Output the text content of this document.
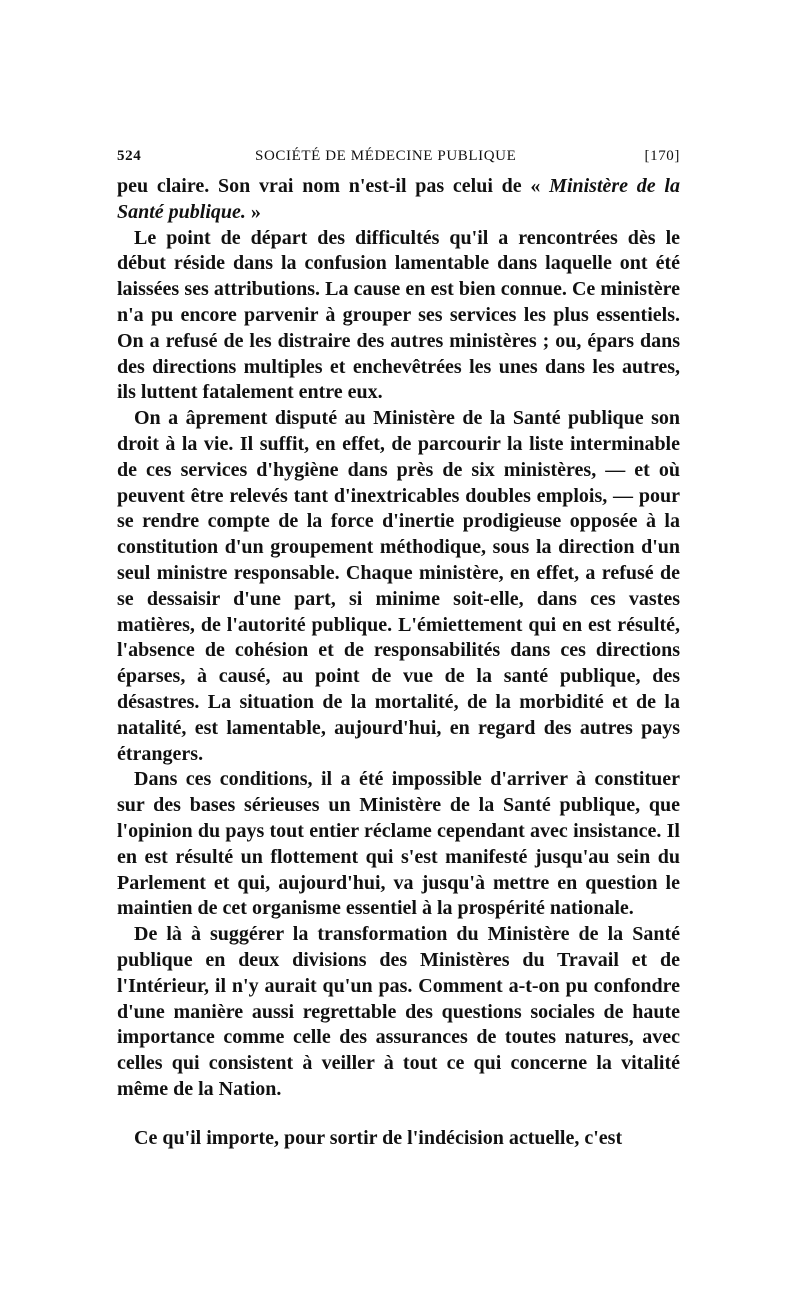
524	SOCIÉTÉ DE MÉDECINE PUBLIQUE	[170]

peu claire. Son vrai nom n'est-il pas celui de « Ministère de la Santé publique. »

Le point de départ des difficultés qu'il a rencontrées dès le début réside dans la confusion lamentable dans laquelle ont été laissées ses attributions. La cause en est bien connue. Ce ministère n'a pu encore parvenir à grouper ses services les plus essentiels. On a refusé de les distraire des autres ministères ; ou, épars dans des directions multiples et enchevêtrées les unes dans les autres, ils luttent fatalement entre eux.

On a âprement disputé au Ministère de la Santé publique son droit à la vie. Il suffit, en effet, de parcourir la liste interminable de ces services d'hygiène dans près de six ministères, — et où peuvent être relevés tant d'inextricables doubles emplois, — pour se rendre compte de la force d'inertie prodigieuse opposée à la constitution d'un groupement méthodique, sous la direction d'un seul ministre responsable. Chaque ministère, en effet, a refusé de se dessaisir d'une part, si minime soit-elle, dans ces vastes matières, de l'autorité publique. L'émiettement qui en est résulté, l'absence de cohésion et de responsabilités dans ces directions éparses, à causé, au point de vue de la santé publique, des désastres. La situation de la mortalité, de la morbidité et de la natalité, est lamentable, aujourd'hui, en regard des autres pays étrangers.

Dans ces conditions, il a été impossible d'arriver à constituer sur des bases sérieuses un Ministère de la Santé publique, que l'opinion du pays tout entier réclame cependant avec insistance. Il en est résulté un flottement qui s'est manifesté jusqu'au sein du Parlement et qui, aujourd'hui, va jusqu'à mettre en question le maintien de cet organisme essentiel à la prospérité nationale.

De là à suggérer la transformation du Ministère de la Santé publique en deux divisions des Ministères du Travail et de l'Intérieur, il n'y aurait qu'un pas. Comment a-t-on pu confondre d'une manière aussi regrettable des questions sociales de haute importance comme celle des assurances de toutes natures, avec celles qui consistent à veiller à tout ce qui concerne la vitalité même de la Nation.

Ce qu'il importe, pour sortir de l'indécision actuelle, c'est
